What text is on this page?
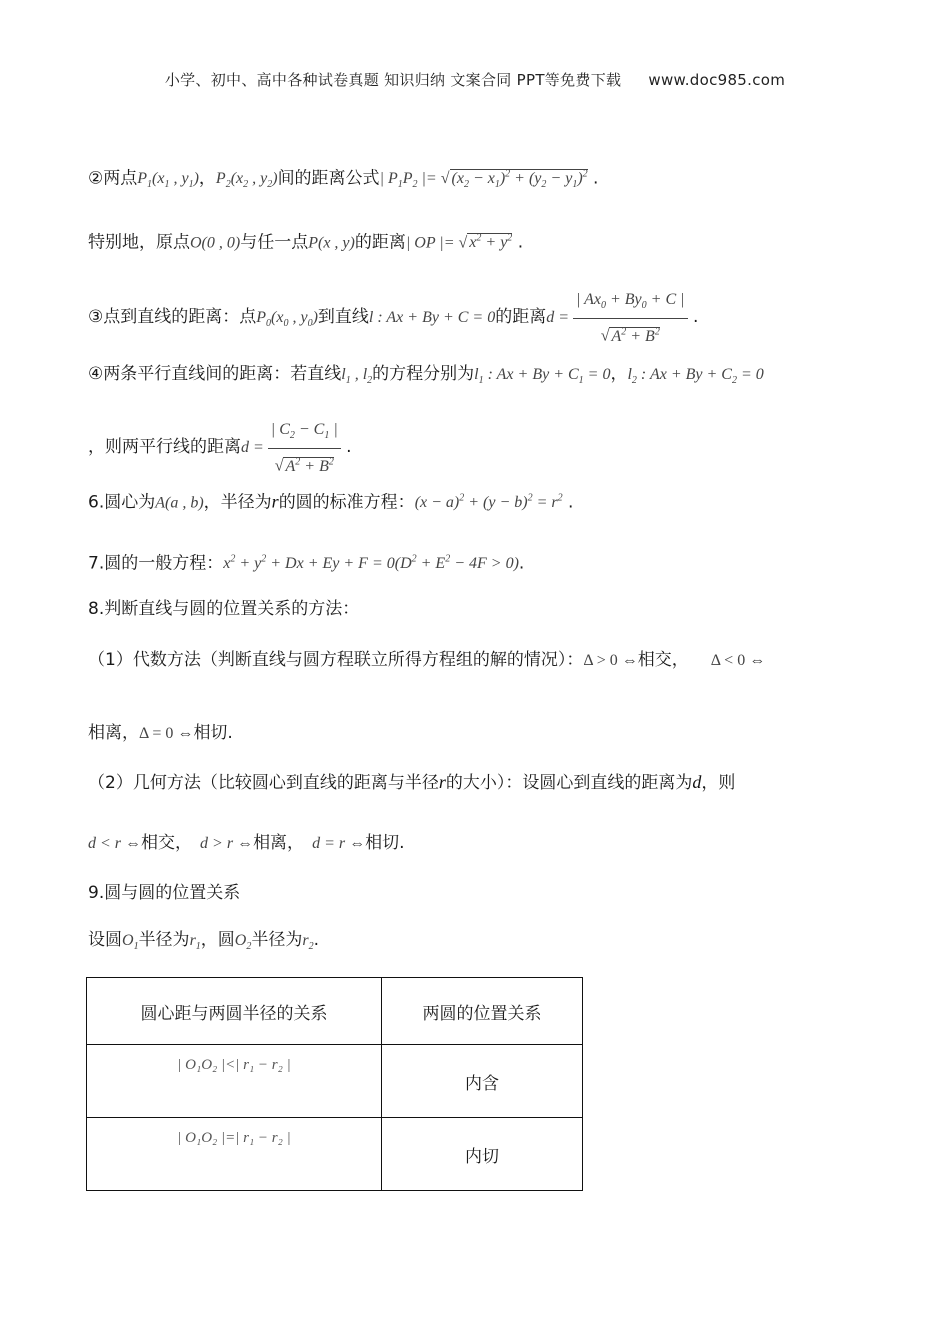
小学、初中、高中各种试卷真题 知识归纳 文案合同 PPT等免费下载 www.doc985.com
②两点$P_1(x_1$ , $y_1$)，$P_2(x_2$ , $y_2$)间的距离公式| $P_1P_2$ |= √ $(x_2 - x_1)^2 + (y_2 - y_1)^2$ .
特别地，原点O(0 , 0)与任一点P(x , y)的距离| OP |= √ $x^2 + y^2$ .
③点到直线的距离：点$P_0(x_0$ , $y_0$)到直线l : Ax + By + C = 0的距离$d = \frac{| Ax_0 + By_0 + C |}{√ A^2 + B^2}$ .
④两条平行直线间的距离：若直线$l_1$ , $l_2$的方程分别为$l_1$ : $Ax + By + C_1 = 0$，$l_2$ : $Ax + By + C_2 = 0$
，则两平行线的距离$d = \frac{| C_2 - C_1 |}{√ A^2 + B^2}$ .
6.圆心为A(a , b)，半径为r的圆的标准方程：$(x - a)^2 + (y - b)^2 = r^2$ .
7.圆的一般方程：$x^2 + y^2 + Dx + Ey + F = 0(D^2 + E^2 - 4F > 0)$.
8.判断直线与圆的位置关系的方法：
（1）代数方法（判断直线与圆方程联立所得方程组的解的情况）：Δ > 0 ⇔相交， Δ < 0 ⇔
相离，Δ = 0 ⇔相切.
（2）几何方法（比较圆心到直线的距离与半径r的大小）：设圆心到直线的距离为d，则
d < r ⇔相交， d > r ⇔相离， d = r ⇔相切.
9.圆与圆的位置关系
设圆$O_1$半径为$r_1$，圆$O_2$半径为$r_2$.
圆心距与两圆半径的关系	两圆的位置关系

| O₁O₂ |<| r₁ − r₂ |	内含

| O₁O₂ |=| r₁ − r₂ |	内切
